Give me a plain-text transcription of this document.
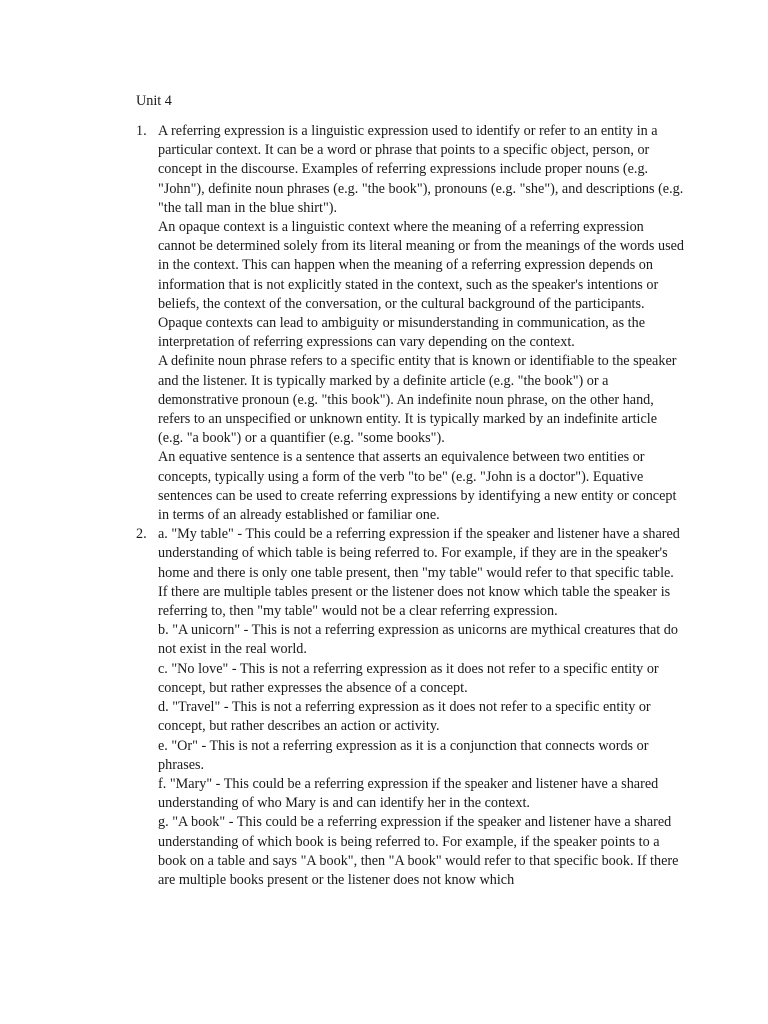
Unit 4
1. A referring expression is a linguistic expression used to identify or refer to an entity in a particular context. It can be a word or phrase that points to a specific object, person, or concept in the discourse. Examples of referring expressions include proper nouns (e.g. "John"), definite noun phrases (e.g. "the book"), pronouns (e.g. "she"), and descriptions (e.g. "the tall man in the blue shirt").

An opaque context is a linguistic context where the meaning of a referring expression cannot be determined solely from its literal meaning or from the meanings of the words used in the context. This can happen when the meaning of a referring expression depends on information that is not explicitly stated in the context, such as the speaker's intentions or beliefs, the context of the conversation, or the cultural background of the participants. Opaque contexts can lead to ambiguity or misunderstanding in communication, as the interpretation of referring expressions can vary depending on the context.

A definite noun phrase refers to a specific entity that is known or identifiable to the speaker and the listener. It is typically marked by a definite article (e.g. "the book") or a demonstrative pronoun (e.g. "this book"). An indefinite noun phrase, on the other hand, refers to an unspecified or unknown entity. It is typically marked by an indefinite article (e.g. "a book") or a quantifier (e.g. "some books").

An equative sentence is a sentence that asserts an equivalence between two entities or concepts, typically using a form of the verb "to be" (e.g. "John is a doctor"). Equative sentences can be used to create referring expressions by identifying a new entity or concept in terms of an already established or familiar one.

2. a. "My table" - This could be a referring expression if the speaker and listener have a shared understanding of which table is being referred to. For example, if they are in the speaker's home and there is only one table present, then "my table" would refer to that specific table. If there are multiple tables present or the listener does not know which table the speaker is referring to, then "my table" would not be a clear referring expression.

b. "A unicorn" - This is not a referring expression as unicorns are mythical creatures that do not exist in the real world.

c. "No love" - This is not a referring expression as it does not refer to a specific entity or concept, but rather expresses the absence of a concept.

d. "Travel" - This is not a referring expression as it does not refer to a specific entity or concept, but rather describes an action or activity.

e. "Or" - This is not a referring expression as it is a conjunction that connects words or phrases.

f. "Mary" - This could be a referring expression if the speaker and listener have a shared understanding of who Mary is and can identify her in the context.

g. "A book" - This could be a referring expression if the speaker and listener have a shared understanding of which book is being referred to. For example, if the speaker points to a book on a table and says "A book", then "A book" would refer to that specific book. If there are multiple books present or the listener does not know which
